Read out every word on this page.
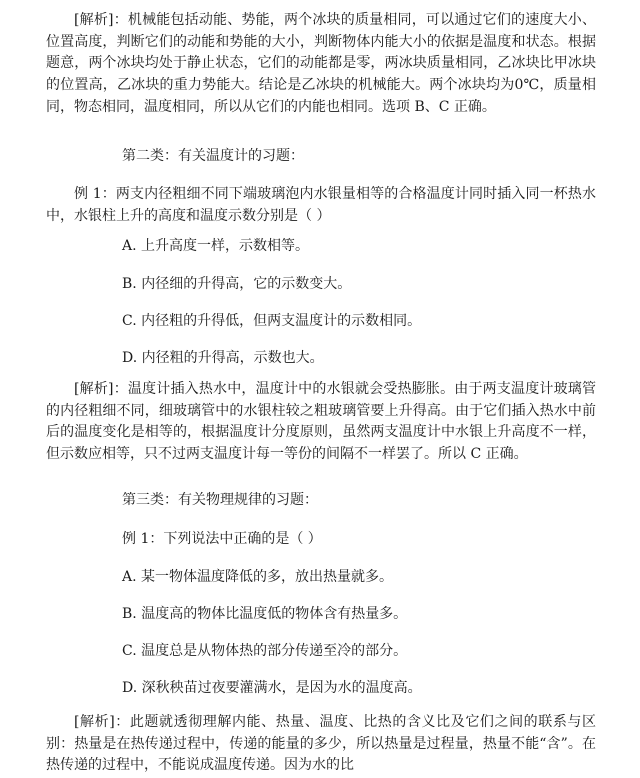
[解析]：机械能包括动能、势能，两个冰块的质量相同，可以通过它们的速度大小、位置高度，判断它们的动能和势能的大小，判断物体内能大小的依据是温度和状态。根据题意，两个冰块均处于静止状态，它们的动能都是零，两冰块质量相同，乙冰块比甲冰块的位置高，乙冰块的重力势能大。结论是乙冰块的机械能大。两个冰块均为0℃，质量相同，物态相同，温度相同，所以从它们的内能也相同。选项 B、C 正确。

第二类：有关温度计的习题：

例 1：两支内径粗细不同下端玻璃泡内水银量相等的合格温度计同时插入同一杯热水中，水银柱上升的高度和温度示数分别是（ ）

A. 上升高度一样，示数相等。

B. 内径细的升得高，它的示数变大。

C. 内径粗的升得低，但两支温度计的示数相同。

D. 内径粗的升得高，示数也大。

[解析]：温度计插入热水中，温度计中的水银就会受热膨胀。由于两支温度计玻璃管的内径粗细不同，细玻璃管中的水银柱较之粗玻璃管要上升得高。由于它们插入热水中前后的温度变化是相等的，根据温度计分度原则，虽然两支温度计中水银上升高度不一样，但示数应相等，只不过两支温度计每一等份的间隔不一样罢了。所以 C 正确。

第三类：有关物理规律的习题：

例 1：下列说法中正确的是（ ）

A. 某一物体温度降低的多，放出热量就多。

B. 温度高的物体比温度低的物体含有热量多。

C. 温度总是从物体热的部分传递至冷的部分。

D. 深秋秧苗过夜要灌满水，是因为水的温度高。

[解析]：此题就透彻理解内能、热量、温度、比热的含义比及它们之间的联系与区别：热量是在热传递过程中，传递的能量的多少，所以热量是过程量，热量不能“含”。在热传递的过程中，不能说成温度传递。因为水的比
